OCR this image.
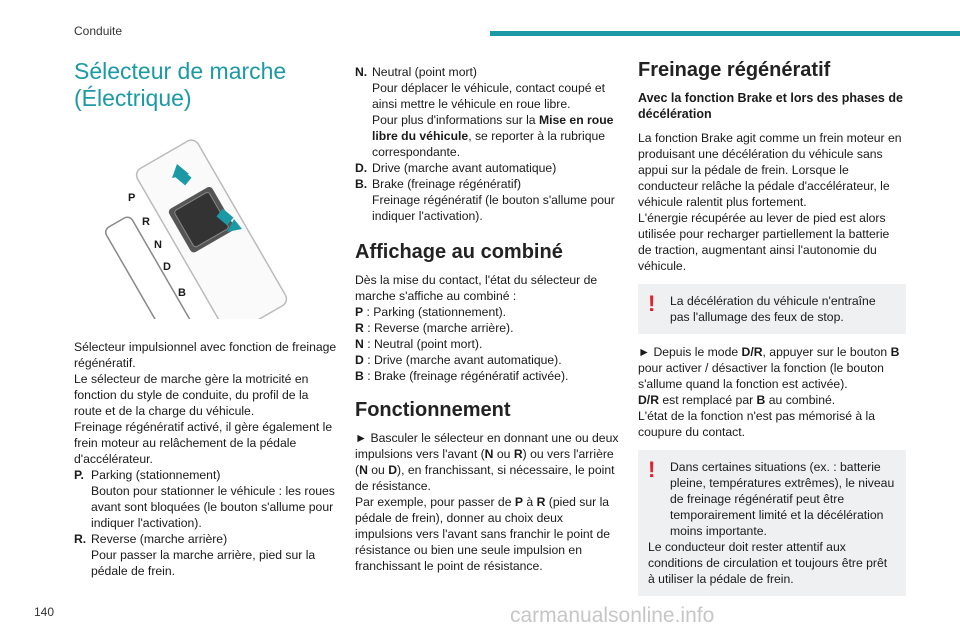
Conduite
Sélecteur de marche (Électrique)
P
R
N
D
B

Sélecteur impulsionnel avec fonction de freinage régénératif.

Le sélecteur de marche gère la motricité en fonction du style de conduite, du profil de la route et de la charge du véhicule.

Freinage régénératif activé, il gère également le frein moteur au relâchement de la pédale d'accélérateur.

P. Parking (stationnement)
Bouton pour stationner le véhicule : les roues avant sont bloquées (le bouton s'allume pour indiquer l'activation).
R. Reverse (marche arrière)
Pour passer la marche arrière, pied sur la pédale de frein.
N. Neutral (point mort)
Pour déplacer le véhicule, contact coupé et ainsi mettre le véhicule en roue libre.
Pour plus d'informations sur la Mise en roue libre du véhicule, se reporter à la rubrique correspondante.
D. Drive (marche avant automatique)
B. Brake (freinage régénératif)
Freinage régénératif (le bouton s'allume pour indiquer l'activation).
Affichage au combiné

Dès la mise du contact, l'état du sélecteur de marche s'affiche au combiné :

P : Parking (stationnement).
R : Reverse (marche arrière).
N : Neutral (point mort).
D : Drive (marche avant automatique).
B : Brake (freinage régénératif activée).
Fonctionnement

► Basculer le sélecteur en donnant une ou deux impulsions vers l'avant (N ou R) ou vers l'arrière (N ou D), en franchissant, si nécessaire, le point de résistance.

Par exemple, pour passer de P à R (pied sur la pédale de frein), donner au choix deux impulsions vers l'avant sans franchir le point de résistance ou bien une seule impulsion en franchissant le point de résistance.

Freinage régénératif
Avec la fonction Brake et lors des phases de décélération

La fonction Brake agit comme un frein moteur en produisant une décélération du véhicule sans appui sur la pédale de frein. Lorsque le conducteur relâche la pédale d'accélérateur, le véhicule ralentit plus fortement.

L'énergie récupérée au lever de pied est alors utilisée pour recharger partiellement la batterie de traction, augmentant ainsi l'autonomie du véhicule.

!	La décélération du véhicule n'entraîne pas l'allumage des feux de stop.

► Depuis le mode D/R, appuyer sur le bouton B pour activer / désactiver la fonction (le bouton s'allume quand la fonction est activée).

D/R est remplacé par B au combiné.

L'état de la fonction n'est pas mémorisé à la coupure du contact.

!	Dans certaines situations (ex. : batterie pleine, températures extrêmes), le niveau de freinage régénératif peut être temporairement limité et la décélération moins importante.
Le conducteur doit rester attentif aux conditions de circulation et toujours être prêt à utiliser la pédale de frein.
140	carmanualsonline.info
